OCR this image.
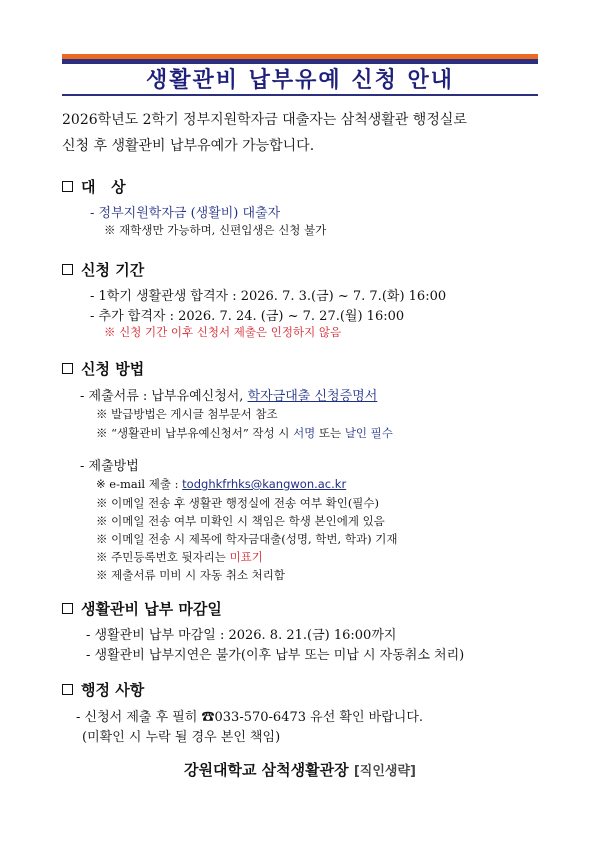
생활관비 납부유예 신청 안내
2026학년도 2학기 정부지원학자금 대출자는 삼척생활관 행정실로
신청 후 생활관비 납부유예가 가능합니다.
대   상
- 정부지원학자금 (생활비) 대출자
※ 재학생만 가능하며, 신편입생은 신청 불가
신청 기간
- 1학기 생활관생 합격자 : 2026. 7. 3.(금) ~ 7. 7.(화) 16:00
- 추가 합격자 : 2026. 7. 24. (금) ~ 7. 27.(월) 16:00
※ 신청 기간 이후 신청서 제출은 인정하지 않음
신청 방법
- 제출서류 : 납부유예신청서, 학자금대출 신청증명서
※ 발급방법은 게시글 첨부문서 참조
※ “생활관비 납부유예신청서” 작성 시 서명 또는 날인 필수
- 제출방법
※ e-mail 제출 : todghkfrhks@kangwon.ac.kr
※ 이메일 전송 후 생활관 행정실에 전송 여부 확인(필수)
※ 이메일 전송 여부 미확인 시 책임은 학생 본인에게 있음
※ 이메일 전송 시 제목에 학자금대출(성명, 학번, 학과) 기재
※ 주민등록번호 뒷자리는 미표기
※ 제출서류 미비 시 자동 취소 처리함
생활관비 납부 마감일
- 생활관비 납부 마감일 : 2026. 8. 21.(금) 16:00까지
- 생활관비 납부지연은 불가(이후 납부 또는 미납 시 자동취소 처리)
행정 사항
- 신청서 제출 후 필히 ☎033-570-6473 유선 확인 바랍니다.
(미확인 시 누락 될 경우 본인 책임)
강원대학교 삼척생활관장 [직인생략]
